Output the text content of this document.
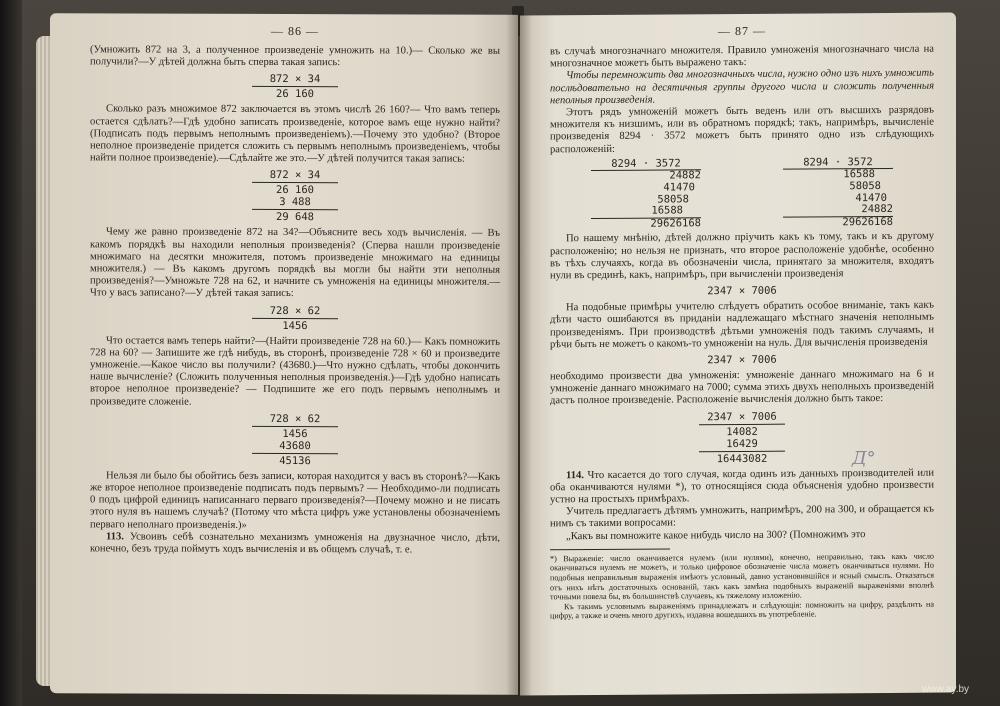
— 86 —

(Умножить 872 на 3, а полученное произведеніе умножить на 10.)— Сколько же вы получили?—У дѣтей должна быть сперва такая запись:

872 × 34
26 160

Сколько разъ множимое 872 заключается въ этомъ числѣ 26 160?— Что вамъ теперь остается сдѣлать?—Гдѣ удобно записать произведеніе, которое вамъ еще нужно найти? (Подписать подъ первымъ неполнымъ произведеніемъ).—Почему это удобно? (Второе неполное произведеніе придется сложить съ первымъ неполнымъ произведеніемъ, чтобы найти полное произведеніе).—Сдѣлайте же это.—У дѣтей получится такая запись:

872 × 34
26 160
3 488
29 648

Чему же равно произведеніе 872 на 34?—Объясните весь ходъ вычисленія. — Въ какомъ порядкѣ вы находили неполныя произведенія? (Сперва нашли произведеніе множимаго на десятки множителя, потомъ произведеніе множимаго на единицы множителя.) — Въ какомъ другомъ порядкѣ вы могли бы найти эти неполныя произведенія?—Умножьте 728 на 62, и начните съ умноженія на единицы множителя.—Что у васъ записано?—У дѣтей такая запись:

728 × 62
1456

Что остается вамъ теперь найти?—(Найти произведеніе 728 на 60.)— Какъ помножить 728 на 60? — Запишите же гдѣ нибудь, въ сторонѣ, произведеніе 728 × 60 и произведите умноженіе.—Какое число вы получили? (43680.)—Что нужно сдѣлать, чтобы докончить наше вычисленіе? (Сложить полученныя неполныя произведенія.)—Гдѣ удобно написать второе неполное произведеніе? — Подпишите же его подъ первымъ неполнымъ и произведите сложеніе.

728 × 62
1456
43680
45136

Нельзя ли было бы обойтись безъ записи, которая находится у васъ въ сторонѣ?—Какъ же второе неполное произведеніе подписать подъ первымъ? — Необходимо-ли подписать 0 подъ цифрой единицъ написаннаго перваго произведенія?—Почему можно и не писать этого нуля въ нашемъ случаѣ? (Потому что мѣста цифръ уже установлены обозначеніемъ перваго неполнаго произведенія.)»

113. Усвоивъ себѣ сознательно механизмъ умноженія на двузначное число, дѣти, конечно, безъ труда поймутъ ходъ вычисленія и въ общемъ случаѣ, т. е.

— 87 —

въ случаѣ многозначнаго множителя. Правило умноженія многозначнаго числа на многозначное можетъ быть выражено такъ:

Чтобы перемножить два многозначныхъ числа, нужно одно изъ нихъ умножить послѣдовательно на десятичныя группы другого числа и сложить полученныя неполныя произведенія.

Этотъ рядъ умноженій можетъ быть веденъ или отъ высшихъ разрядовъ множителя къ низшимъ, или въ обратномъ порядкѣ; такъ, напримѣръ, вычисленіе произведенія 8294 · 3572 можетъ быть принято одно изъ слѣдующихъ расположеній:

8294 · 3572
24882
41470
58058
16588
29626168
8294 · 3572
16588
58058
41470
24882
29626168

По нашему мнѣнію, дѣтей должно пріучить какъ къ тому, такъ и къ другому расположенію; но нельзя не признать, что второе расположеніе удобнѣе, особенно въ тѣхъ случаяхъ, когда въ обозначеніи числа, принятаго за множителя, входятъ нули въ срединѣ, какъ, напримѣръ, при вычисленіи произведенія

2347 × 7006

На подобные примѣры учителю слѣдуетъ обратить особое вниманіе, такъ какъ дѣти часто ошибаются въ приданіи надлежащаго мѣстнаго значенія неполнымъ произведеніямъ. При производствѣ дѣтьми умноженія подъ такимъ случаямъ, и рѣчи быть не можетъ о какомъ-то умноженіи на нуль. Для вычисленія произведенія

2347 × 7006

необходимо произвести два умноженія: умноженіе даннаго множимаго на 6 и умноженіе даннаго множимаго на 7000; сумма этихъ двухъ неполныхъ произведеній дастъ полное произведеніе. Расположеніе вычисленія должно быть такое:

2347 × 7006
14082
16429
16443082

114. Что касается до того случая, когда одинъ изъ данныхъ производителей или оба оканчиваются нулями *), то относящіяся сюда объясненія удобно произвести устно на простыхъ примѣрахъ.

Учитель предлагаетъ дѣтямъ умножить, напримѣръ, 200 на 300, и обращается къ нимъ съ такими вопросами:

„Какъ вы помножите какое нибудь число на 300? (Помножимъ это

*) Выраженіе: число оканчивается нулемъ (или нулями), конечно, неправильно, такъ какъ число оканчиваться нулемъ не можетъ, и только цифровое обозначеніе числа можетъ оканчиваться нулями. Но подобныя неправильныя выраженія имѣютъ условный, давно установившійся и ясный смыслъ. Отказаться отъ нихъ нѣтъ достаточныхъ основаній, такъ какъ замѣна подобныхъ выраженій выраженіями вполнѣ точными повела бы, въ большинствѣ случаевъ, къ тяжелому изложенію.

Къ такимъ условнымъ выраженіямъ принадлежатъ и слѣдующія: помножить на цифру, раздѣлить на цифру, а также и очень много другихъ, издавна вошедшихъ въ употребленіе.

Д°
www.ay.by
